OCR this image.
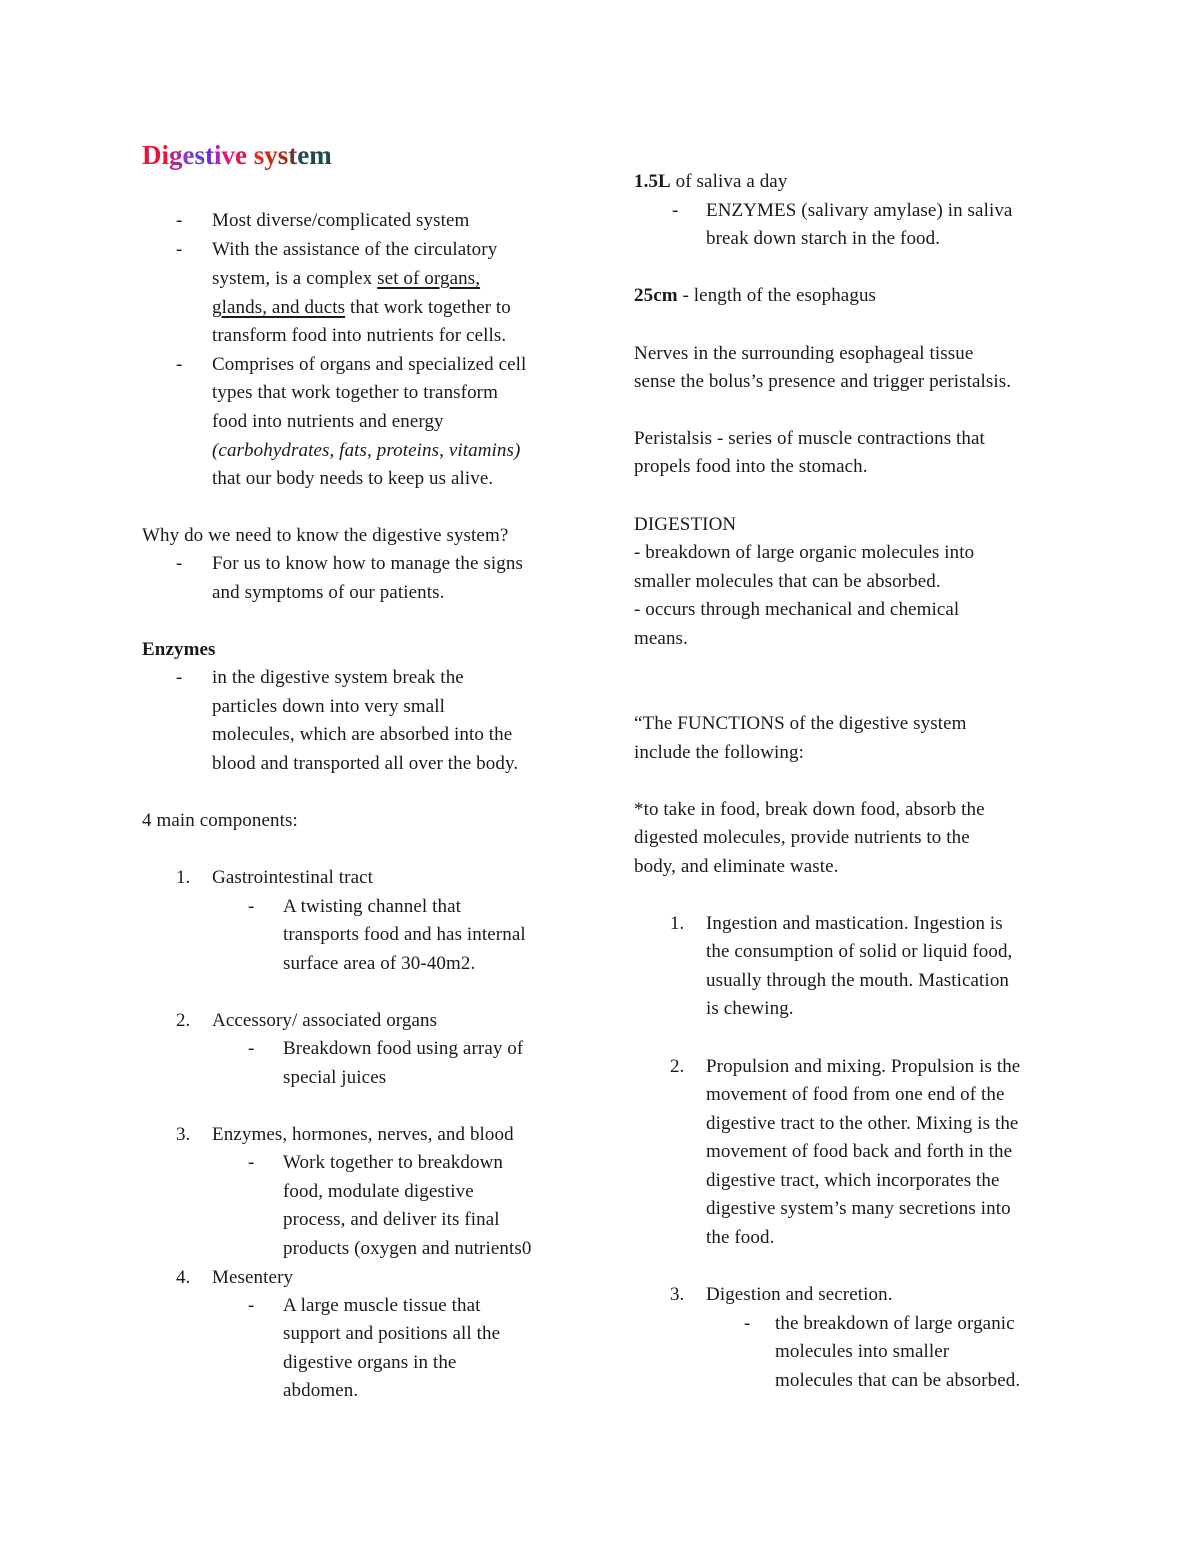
Digestive system
- Most diverse/complicated system
- With the assistance of the circulatory
system, is a complex set of organs,
glands, and ducts that work together to
transform food into nutrients for cells.
- Comprises of organs and specialized cell
types that work together to transform
food into nutrients and energy
(carbohydrates, fats, proteins, vitamins)
that our body needs to keep us alive.
Why do we need to know the digestive system?
- For us to know how to manage the signs
and symptoms of our patients.
Enzymes
- in the digestive system break the
particles down into very small
molecules, which are absorbed into the
blood and transported all over the body.
4 main components:
1. Gastrointestinal tract
- A twisting channel that
transports food and has internal
surface area of 30-40m2.
2. Accessory/ associated organs
- Breakdown food using array of
special juices
3. Enzymes, hormones, nerves, and blood
- Work together to breakdown
food, modulate digestive
process, and deliver its final
products (oxygen and nutrients0
4. Mesentery
- A large muscle tissue that
support and positions all the
digestive organs in the
abdomen.
1.5L of saliva a day
- ENZYMES (salivary amylase) in saliva
break down starch in the food.
25cm - length of the esophagus
Nerves in the surrounding esophageal tissue
sense the bolus’s presence and trigger peristalsis.
Peristalsis - series of muscle contractions that
propels food into the stomach.
DIGESTION
- breakdown of large organic molecules into
smaller molecules that can be absorbed.
- occurs through mechanical and chemical
means.
“The FUNCTIONS of the digestive system
include the following:
*to take in food, break down food, absorb the
digested molecules, provide nutrients to the
body, and eliminate waste.
1. Ingestion and mastication. Ingestion is
the consumption of solid or liquid food,
usually through the mouth. Mastication
is chewing.
2. Propulsion and mixing. Propulsion is the
movement of food from one end of the
digestive tract to the other. Mixing is the
movement of food back and forth in the
digestive tract, which incorporates the
digestive system’s many secretions into
the food.
3. Digestion and secretion.
- the breakdown of large organic
molecules into smaller
molecules that can be absorbed.
